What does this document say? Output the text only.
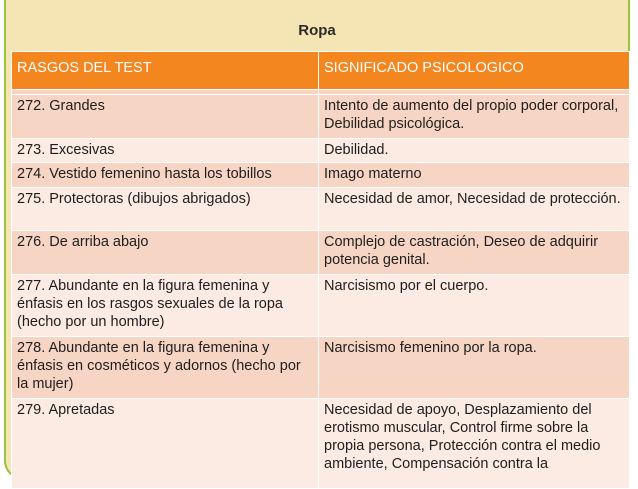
Ropa
RASGOS DEL TEST	SIGNIFICADO PSICOLOGICO

272. Grandes	Intento de aumento del propio poder corporal, Debilidad psicológica.
273. Excesivas	Debilidad.
274. Vestido femenino hasta los tobillos	Imago materno
275. Protectoras (dibujos abrigados)	Necesidad de amor, Necesidad de protección.
276. De arriba abajo	Complejo de castración, Deseo de adquirir potencia genital.
277. Abundante en la figura femenina y énfasis en los rasgos sexuales de la ropa (hecho por un hombre)	Narcisismo por el cuerpo.
278. Abundante en la figura femenina y énfasis en cosméticos y adornos (hecho por la mujer)	Narcisismo femenino por la ropa.
279. Apretadas	Necesidad de apoyo, Desplazamiento del erotismo muscular, Control firme sobre la propia persona, Protección contra el medio ambiente, Compensación contra la
